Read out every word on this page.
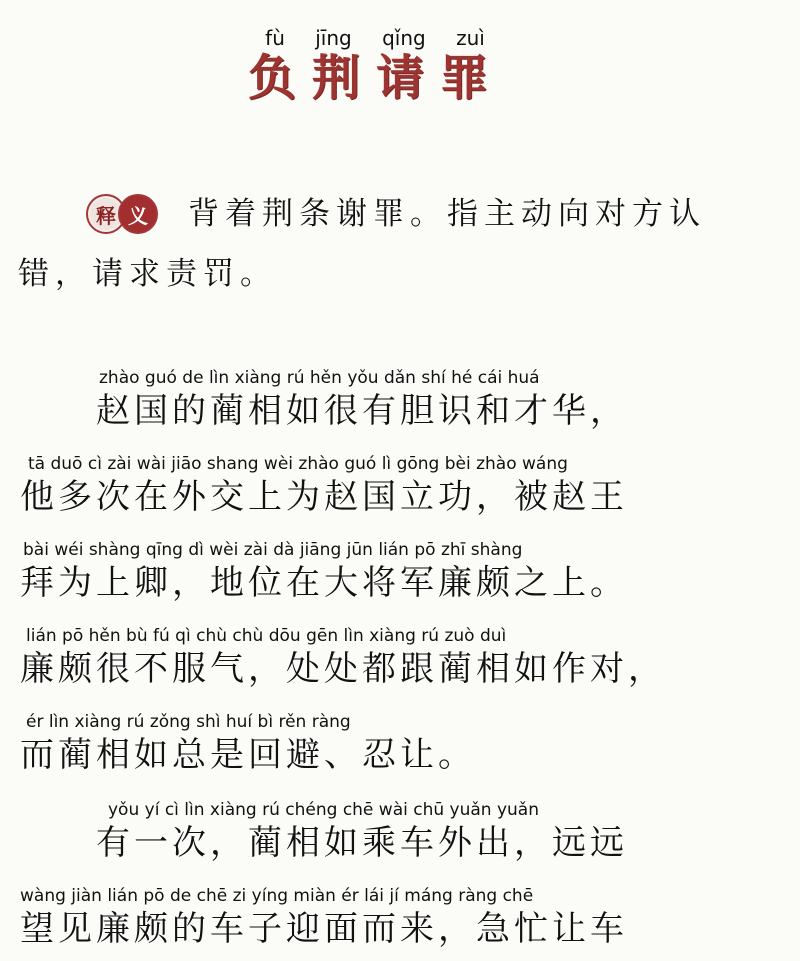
fù jīng qǐng zuì
负 荆 请 罪
释 义	背着荆条谢罪。指主动向对方认
错，请求责罚。
zhào guó de lìn xiàng rú hěn yǒu dǎn shí hé cái huá
赵国的蔺相如很有胆识和才华，
tā duō cì zài wài jiāo shang wèi zhào guó lì gōng bèi zhào wáng
他多次在外交上为赵国立功，被赵王
bài wéi shàng qīng dì wèi zài dà jiāng jūn lián pō zhī shàng
拜为上卿，地位在大将军廉颇之上。
lián pō hěn bù fú qì chù chù dōu gēn lìn xiàng rú zuò duì
廉颇很不服气，处处都跟蔺相如作对，
ér lìn xiàng rú zǒng shì huí bì rěn ràng
而蔺相如总是回避、忍让。
yǒu yí cì lìn xiàng rú chéng chē wài chū yuǎn yuǎn
有一次，蔺相如乘车外出，远远
wàng jiàn lián pō de chē zi yíng miàn ér lái jí máng ràng chē
望见廉颇的车子迎面而来，急忙让车
